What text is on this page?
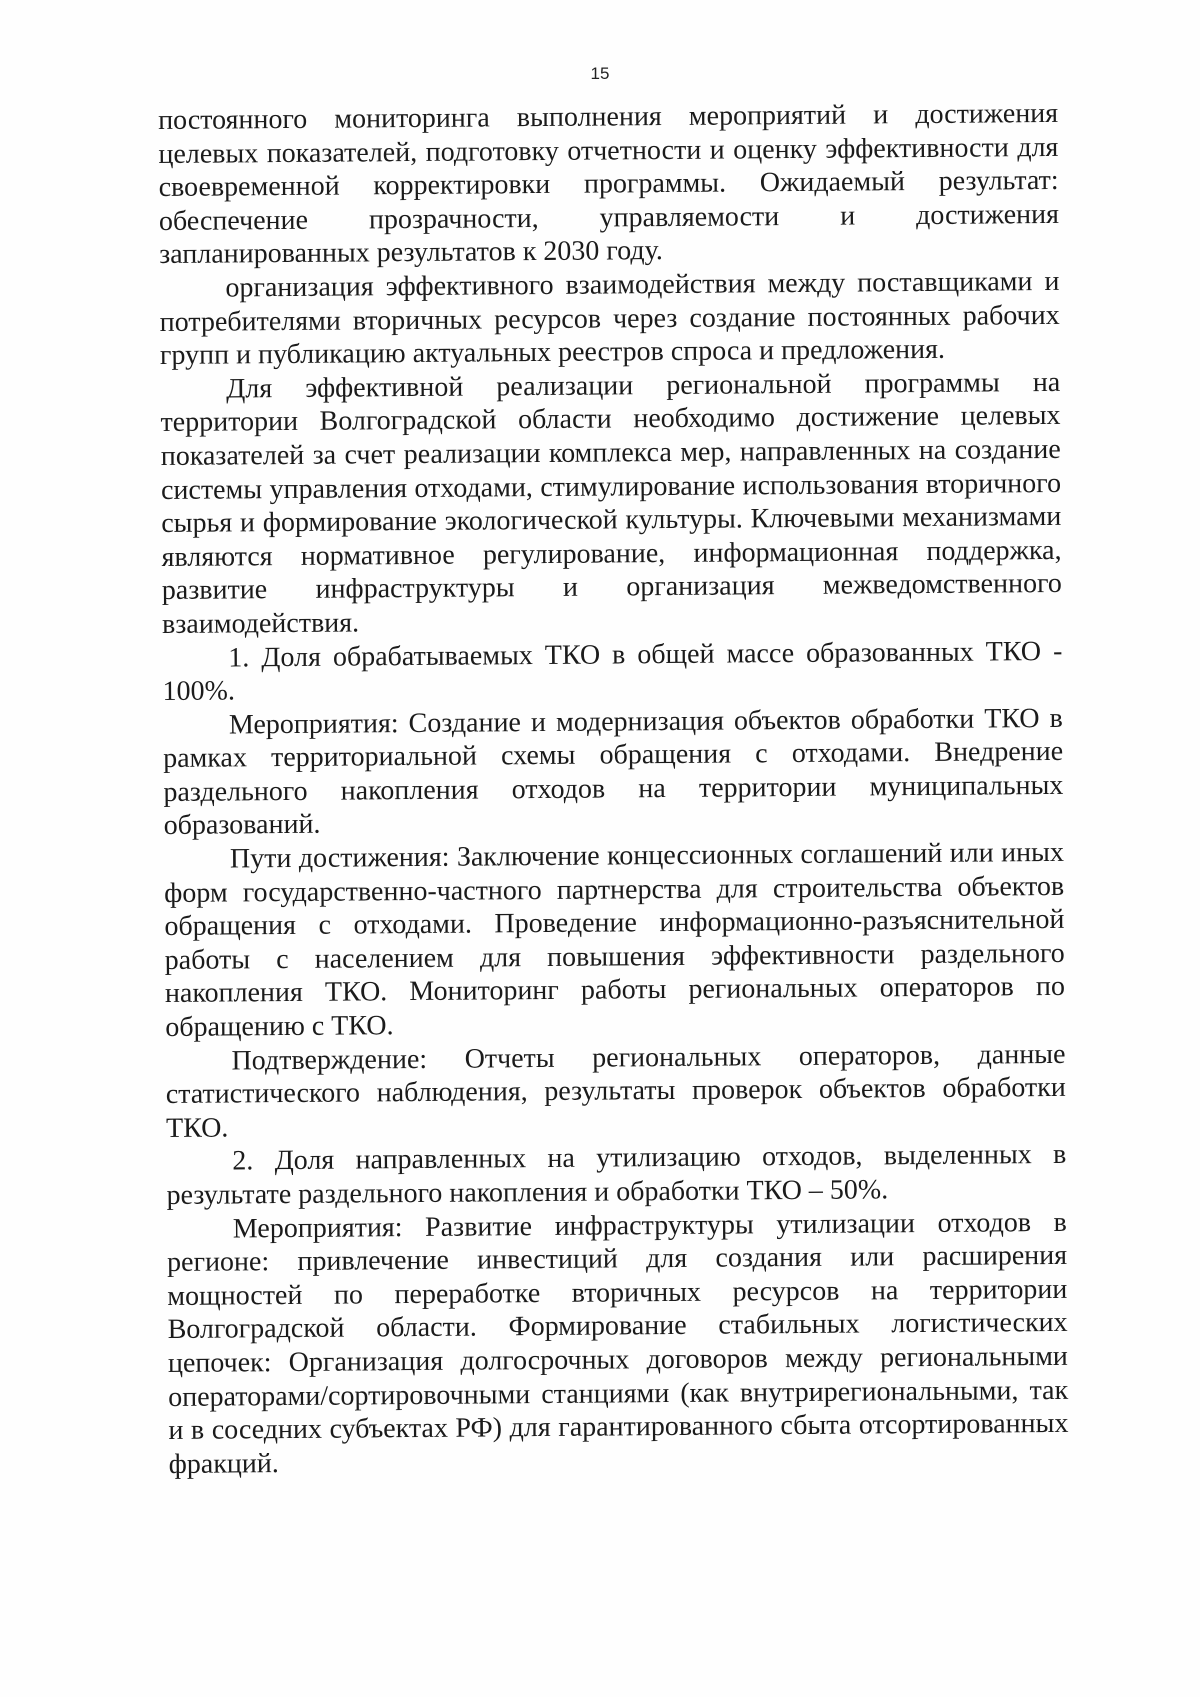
15

постоянного мониторинга выполнения мероприятий и достижения целевых показателей, подготовку отчетности и оценку эффективности для своевременной корректировки программы. Ожидаемый результат: обеспечение прозрачности, управляемости и достижения запланированных результатов к 2030 году.

организация эффективного взаимодействия между поставщиками и потребителями вторичных ресурсов через создание постоянных рабочих групп и публикацию актуальных реестров спроса и предложения.

Для эффективной реализации региональной программы на территории Волгоградской области необходимо достижение целевых показателей за счет реализации комплекса мер, направленных на создание системы управления отходами, стимулирование использования вторичного сырья и формирование экологической культуры. Ключевыми механизмами являются нормативное регулирование, информационная поддержка, развитие инфраструктуры и организация межведомственного взаимодействия.

1. Доля обрабатываемых ТКО в общей массе образованных ТКО - 100%.

Мероприятия: Создание и модернизация объектов обработки ТКО в рамках территориальной схемы обращения с отходами. Внедрение раздельного накопления отходов на территории муниципальных образований.

Пути достижения: Заключение концессионных соглашений или иных форм государственно-частного партнерства для строительства объектов обращения с отходами. Проведение информационно-разъяснительной работы с населением для повышения эффективности раздельного накопления ТКО. Мониторинг работы региональных операторов по обращению с ТКО.

Подтверждение: Отчеты региональных операторов, данные статистического наблюдения, результаты проверок объектов обработки ТКО.

2. Доля направленных на утилизацию отходов, выделенных в результате раздельного накопления и обработки ТКО – 50%.

Мероприятия: Развитие инфраструктуры утилизации отходов в регионе: привлечение инвестиций для создания или расширения мощностей по переработке вторичных ресурсов на территории Волгоградской области. Формирование стабильных логистических цепочек: Организация долгосрочных договоров между региональными операторами/сортировочными станциями (как внутрирегиональными, так и в соседних субъектах РФ) для гарантированного сбыта отсортированных фракций.
